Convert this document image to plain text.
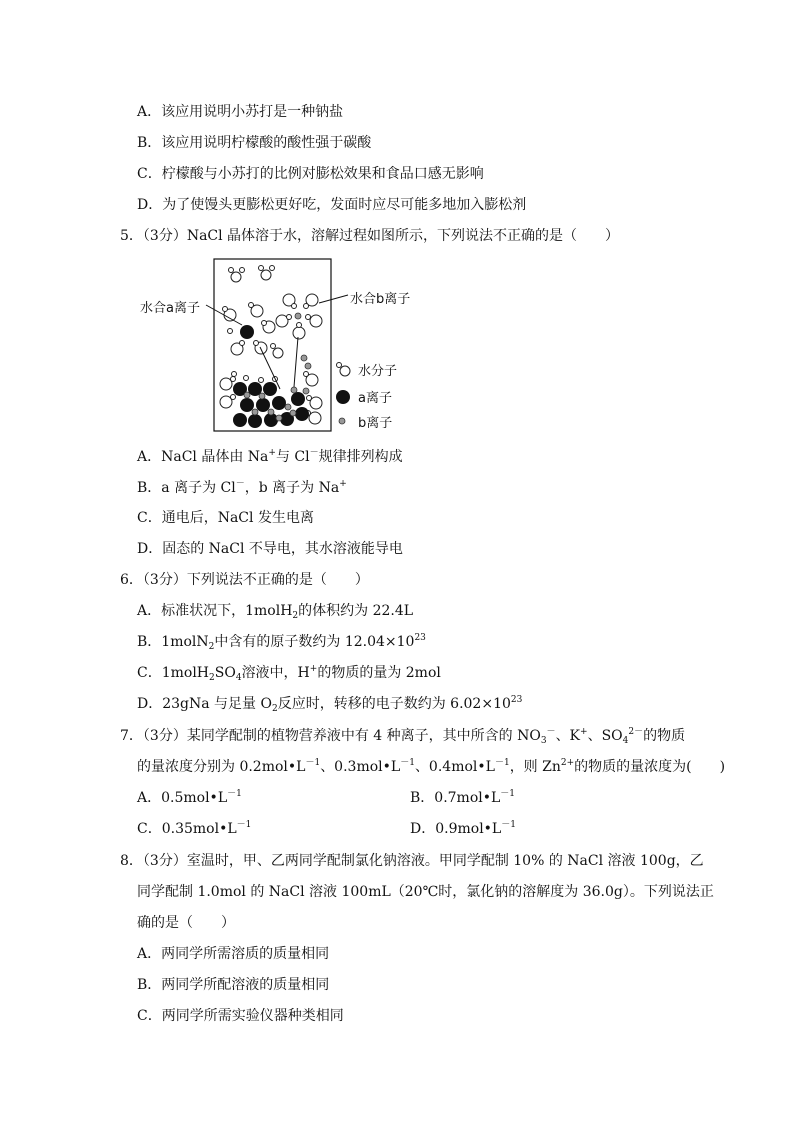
A．该应用说明小苏打是一种钠盐
B．该应用说明柠檬酸的酸性强于碳酸
C．柠檬酸与小苏打的比例对膨松效果和食品口感无影响
D．为了使馒头更膨松更好吃，发面时应尽可能多地加入膨松剂
5．（3分）NaCl 晶体溶于水，溶解过程如图所示，下列说法不正确的是（　　）
水合a离子
水合b离子
水分子
a离子
b离子
A．NaCl 晶体由 Na+与 Cl－规律排列构成
B．a 离子为 Cl－，b 离子为 Na+
C．通电后，NaCl 发生电离
D．固态的 NaCl 不导电，其水溶液能导电
6．（3分）下列说法不正确的是（　　）
A．标准状况下，1molH$_2$的体积约为 22.4L
B．1molN$_2$中含有的原子数约为 $12.04\times 10^{23}$
C．$1molH_2SO_4$溶液中，H+的物质的量为 2mol
D．23gNa 与足量 $O_2$反应时，转移的电子数约为 $6.02\times 10^{23}$
7．（3分）某同学配制的植物营养液中有 4 种离子，其中所含的 $NO_3^-$、K+、$SO_4^{2-}$的物质
的量浓度分别为 $0.2mol•L^{-1}$、$0.3mol•L^{-1}$、$0.4mol•L^{-1}$，则 $Zn^{2+}$的物质的量浓度为(　　)
A．$0.5mol•L^{-1}$	B．$0.7mol•L^{-1}$
C．$0.35mol•L^{-1}$	D．$0.9mol•L^{-1}$
8．（3分）室温时，甲、乙两同学配制氯化钠溶液。甲同学配制 10% 的 NaCl 溶液 100g，乙
同学配制 1.0mol 的 NaCl 溶液 100mL（20℃时，氯化钠的溶解度为 36.0g）。下列说法正
确的是（　　）
A．两同学所需溶质的质量相同
B．两同学所配溶液的质量相同
C．两同学所需实验仪器种类相同
